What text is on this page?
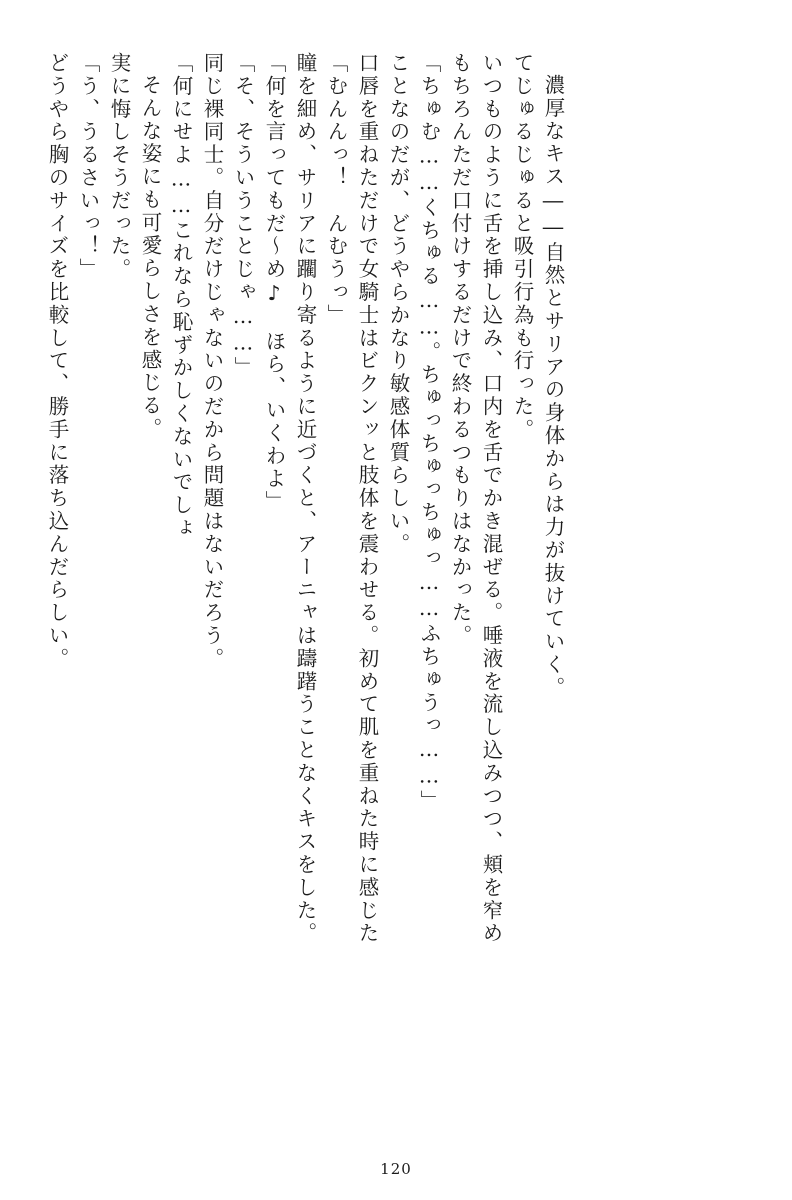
どうやら胸のサイズを比較して、勝手に落ち込んだらしい。 「う、うるさいっ！」 実に悔しそうだった。 そんな姿にも可愛らしさを感じる。 「何にせよ……これなら恥ずかしくないでしょ 同じ裸同士。自分だけじゃないのだから問題はないだろう。 「そ、そういうことじゃ……」 「何を言ってもだ～め♪　ほら、いくわよ」 瞳を細め、サリアに躙り寄るように近づくと、アーニャは躊躇うことなくキスをした。 「むんんっ！　んむうっ」 口唇を重ねただけで女騎士はビクンッと肢体を震わせる。初めて肌を重ねた時に感じた ことなのだが、どうやらかなり敏感体質らしい。 「ちゅむ……くちゅる……。ちゅっちゅっちゅっ……ふちゅうっ……」 もちろんただ口付けするだけで終わるつもりはなかった。 いつものように舌を挿し込み、口内を舌でかき混ぜる。唾液を流し込みつつ、頬を窄め てじゅるじゅると吸引行為も行った。 濃厚なキス――自然とサリアの身体からは力が抜けていく。
120
